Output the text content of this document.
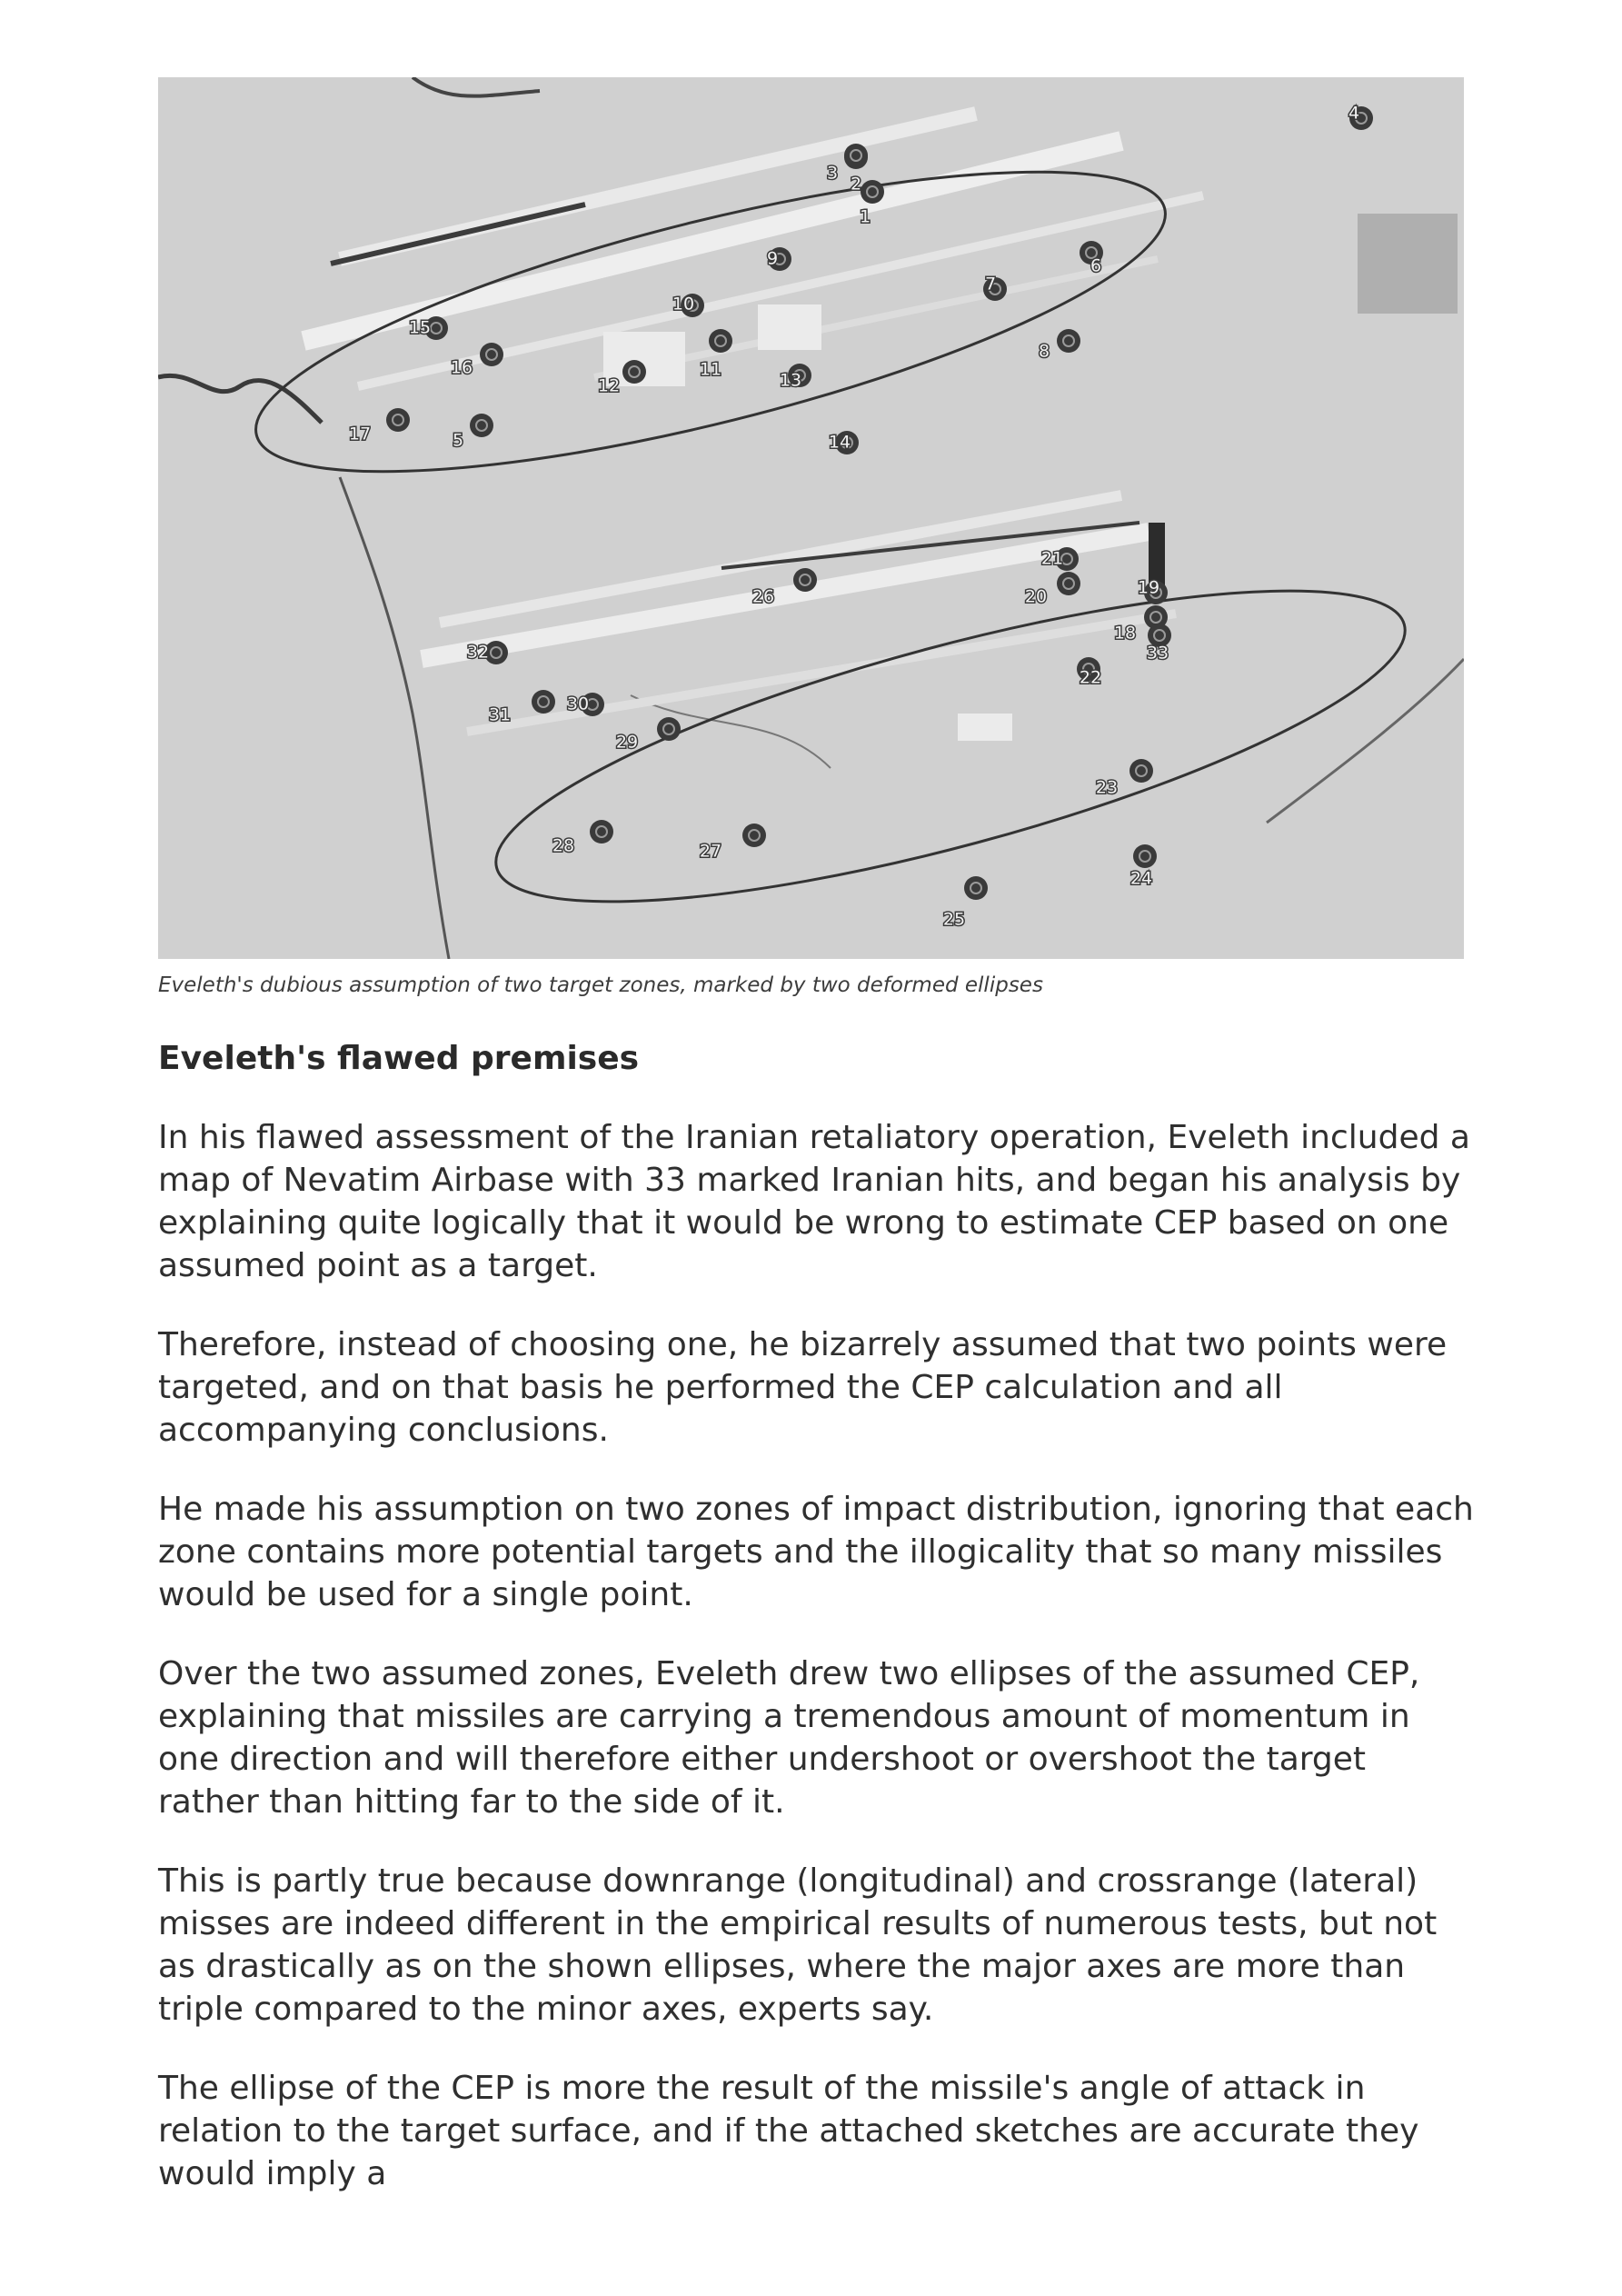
1
2
3
4
5
6
7
8
9
10
11
12	13
14
15
16
17
18
19
20
21
22
23
24
25
26
27
28
29
30
31
32	33

Eveleth's dubious assumption of two target zones, marked by two deformed ellipses

Eveleth's flawed premises

In his flawed assessment of the Iranian retaliatory operation, Eveleth included a map of Nevatim Airbase with 33 marked Iranian hits, and began his analysis by explaining quite logically that it would be wrong to estimate CEP based on one assumed point as a target.

Therefore, instead of choosing one, he bizarrely assumed that two points were targeted, and on that basis he performed the CEP calculation and all accompanying conclusions.

He made his assumption on two zones of impact distribution, ignoring that each zone contains more potential targets and the illogicality that so many missiles would be used for a single point.

Over the two assumed zones, Eveleth drew two ellipses of the assumed CEP, explaining that missiles are carrying a tremendous amount of momentum in one direction and will therefore either undershoot or overshoot the target rather than hitting far to the side of it.

This is partly true because downrange (longitudinal) and crossrange (lateral) misses are indeed different in the empirical results of numerous tests, but not as drastically as on the shown ellipses, where the major axes are more than triple compared to the minor axes, experts say.

The ellipse of the CEP is more the result of the missile's angle of attack in relation to the target surface, and if the attached sketches are accurate they would imply a
